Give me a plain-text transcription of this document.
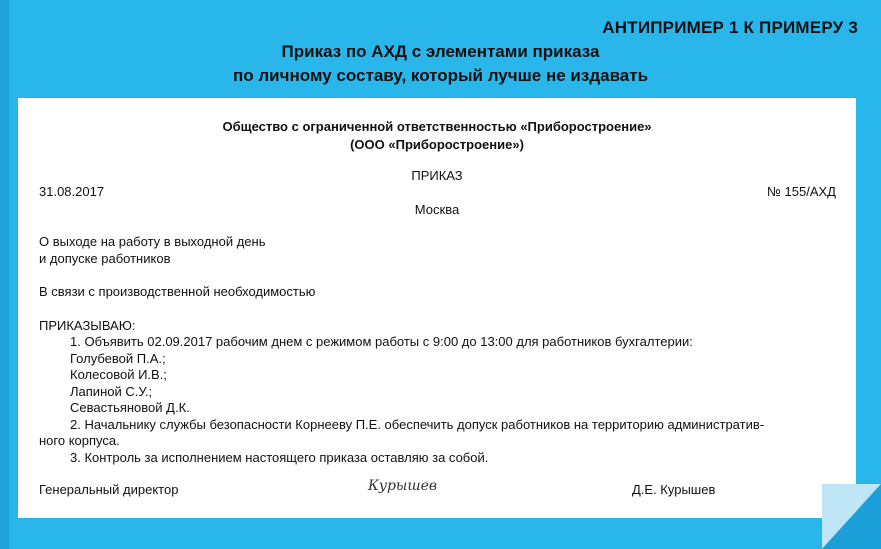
АНТИПРИМЕР 1 К ПРИМЕРУ 3
Приказ по АХД с элементами приказа
по личному составу, который лучше не издавать
Общество с ограниченной ответственностью «Приборостроение»
(ООО «Приборостроение»)
ПРИКАЗ
31.08.2017	№ 155/АХД
Москва
О выходе на работу в выходной день
и допуске работников
В связи с производственной необходимостью
ПРИКАЗЫВАЮ:
1. Объявить 02.09.2017 рабочим днем с режимом работы с 9:00 до 13:00 для работников бухгалтерии:
Голубевой П.А.;
Колесовой И.В.;
Лапиной С.У.;
Севастьяновой Д.К.
2. Начальнику службы безопасности Корнееву П.Е. обеспечить допуск работников на территорию административ-
ного корпуса.
3. Контроль за исполнением настоящего приказа оставляю за собой.
Генеральный директор	Курышев	Д.Е. Курышев
